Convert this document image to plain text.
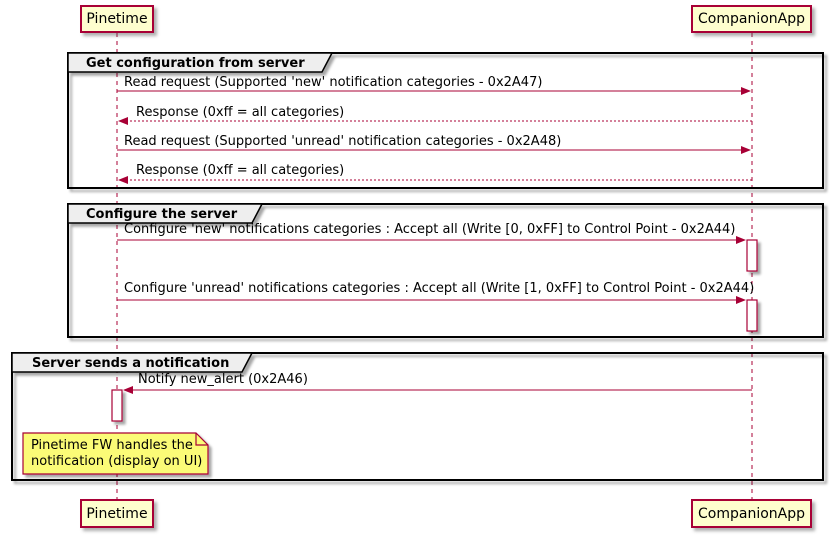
Pinetime	CompanionApp
Pinetime	CompanionApp
Get configuration from server
Configure the server
Server sends a notification
Read request (Supported 'new' notification categories - 0x2A47)
Response (0xff = all categories)
Read request (Supported 'unread' notification categories - 0x2A48)
Response (0xff = all categories)
Configure 'new' notifications categories : Accept all (Write [0, 0xFF] to Control Point - 0x2A44)
Configure 'unread' notifications categories : Accept all (Write [1, 0xFF] to Control Point - 0x2A44)
Notify new_alert (0x2A46)
Pinetime FW handles the
notification (display on UI)
